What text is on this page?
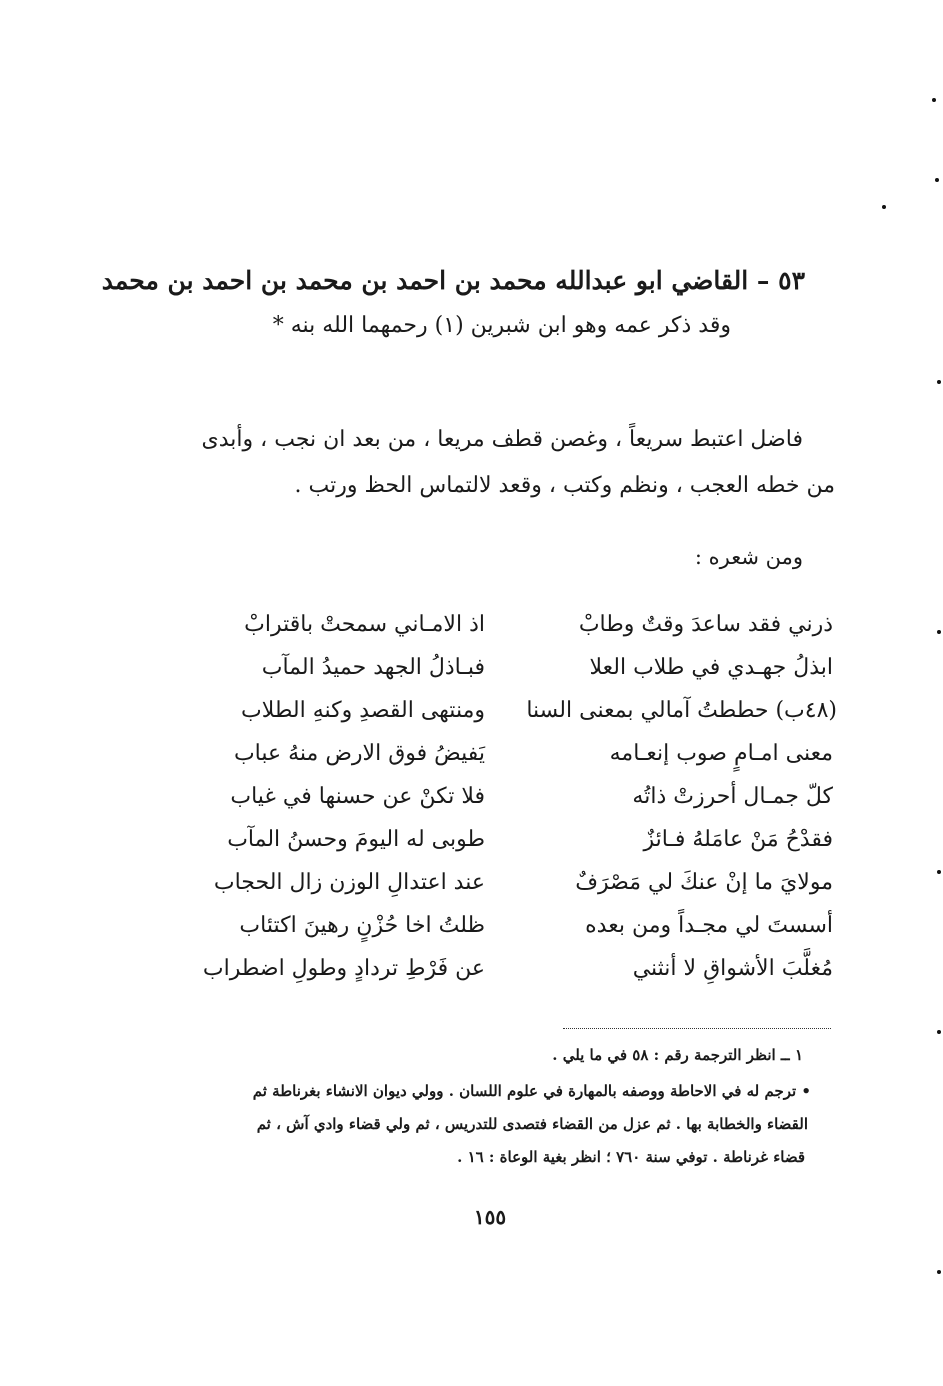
٥٣ – القاضي ابو عبدالله محمد بن احمد بن محمد بن احمد بن محمد
وقد ذكر عمه وهو ابن شبرين (١) رحمهما الله بنه *
فاضل اعتبط سريعاً ، وغصن قطف مريعا ، من بعد ان نجب ، وأبدى
من خطه العجب ، ونظم وكتب ، وقعد لالتماس الحظ ورتب .
ومن شعره :
ذرني فقد ساعدَ وقتٌ وطابْ
اذ الامـاني سمحتْ باقترابْ
ابذلُ جهـدي في طلاب العلا
فبـاذلُ الجهد حميدُ المآب
(٤٨ب) حططتُ آمالي بمعنى السنا
ومنتهى القصدِ وكنهِ الطلاب
معنى امـامٍ صوب إنعـامه
يَفيضُ فوق الارض منهُ عباب
كلّ جمـال أحرزتْ ذاتُه
فلا تكنْ عن حسنها في غياب
فقدْحُ مَنْ عامَلهُ فـائزٌ
طوبى له اليومَ وحسنُ المآب
مولايَ ما إنْ عنكَ لي مَصْرَفٌ
عند اعتدالِ الوزن زال الحجاب
أسستَ لي مجـداً ومن بعده
ظلتُ اخا حُزْنٍ رهينَ اكتئاب
مُغلَّبَ الأشواقِ لا أنثني
عن فَرْطِ تردادٍ وطولِ اضطراب
١ ــ انظر الترجمة رقم : ٥٨ في ما يلي .
• ترجم له في الاحاطة ووصفه بالمهارة في علوم اللسان . وولي ديوان الانشاء بغرناطة ثم
القضاء والخطابة بها . ثم عزل من القضاء فتصدى للتدريس ، ثم ولي قضاء وادي آش ، ثم
قضاء غرناطة . توفي سنة ٧٦٠ ؛ انظر بغية الوعاة : ١٦ .
١٥٥
